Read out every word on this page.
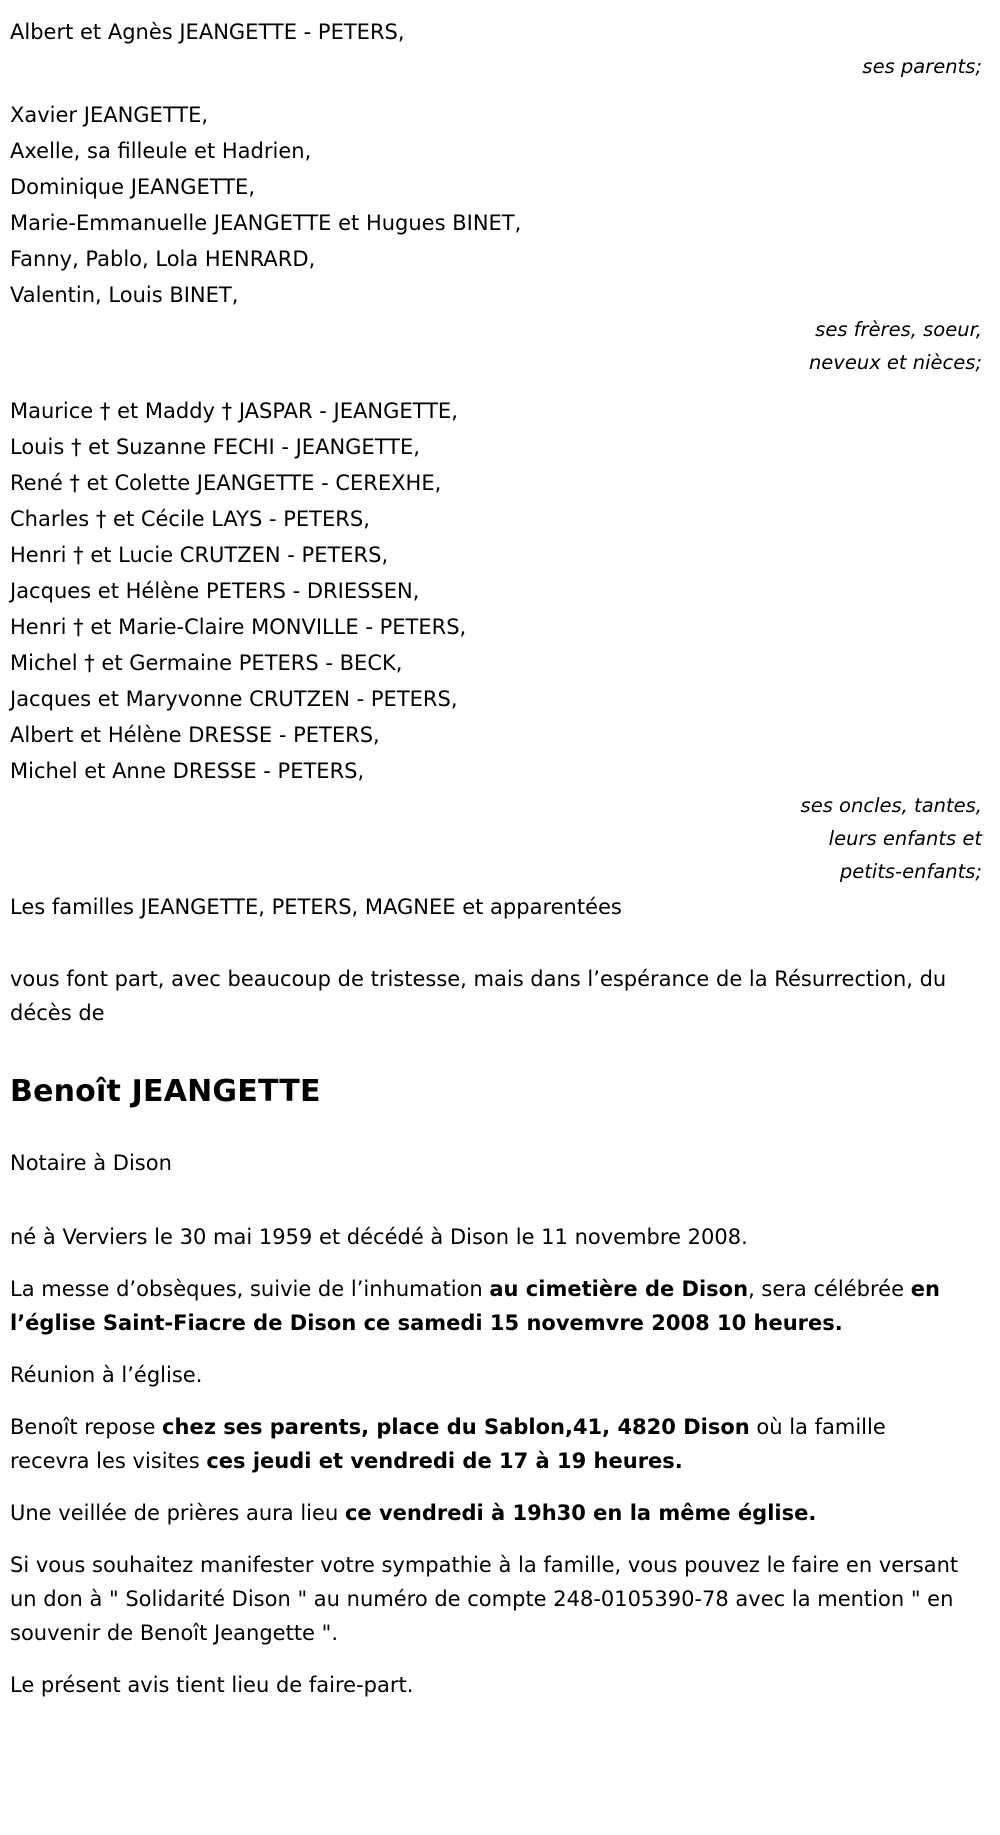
Albert et Agnès JEANGETTE - PETERS,
ses parents;
Xavier JEANGETTE,
Axelle, sa filleule et Hadrien,
Dominique JEANGETTE,
Marie-Emmanuelle JEANGETTE et Hugues BINET,
Fanny, Pablo, Lola HENRARD,
Valentin, Louis BINET,
ses frères, soeur,
neveux et nièces;
Maurice † et Maddy † JASPAR - JEANGETTE,
Louis † et Suzanne FECHI - JEANGETTE,
René † et Colette JEANGETTE - CEREXHE,
Charles † et Cécile LAYS - PETERS,
Henri † et Lucie CRUTZEN - PETERS,
Jacques et Hélène PETERS - DRIESSEN,
Henri † et Marie-Claire MONVILLE - PETERS,
Michel † et Germaine PETERS - BECK,
Jacques et Maryvonne CRUTZEN - PETERS,
Albert et Hélène DRESSE - PETERS,
Michel et Anne DRESSE - PETERS,
ses oncles, tantes,
leurs enfants et
petits-enfants;
Les familles JEANGETTE, PETERS, MAGNEE et apparentées
vous font part, avec beaucoup de tristesse, mais dans l’espérance de la Résurrection, du décès de
Benoît JEANGETTE
Notaire à Dison
né à Verviers le 30 mai 1959 et décédé à Dison le 11 novembre 2008.
La messe d’obsèques, suivie de l’inhumation au cimetière de Dison, sera célébrée en l’église Saint-Fiacre de Dison ce samedi 15 novemvre 2008 10 heures.
Réunion à l’église.
Benoît repose chez ses parents, place du Sablon,41, 4820 Dison où la famille recevra les visites ces jeudi et vendredi de 17 à 19 heures.
Une veillée de prières aura lieu ce vendredi à 19h30 en la même église.
Si vous souhaitez manifester votre sympathie à la famille, vous pouvez le faire en versant un don à " Solidarité Dison " au numéro de compte 248-0105390-78 avec la mention " en souvenir de Benoît Jeangette ".
Le présent avis tient lieu de faire-part.
